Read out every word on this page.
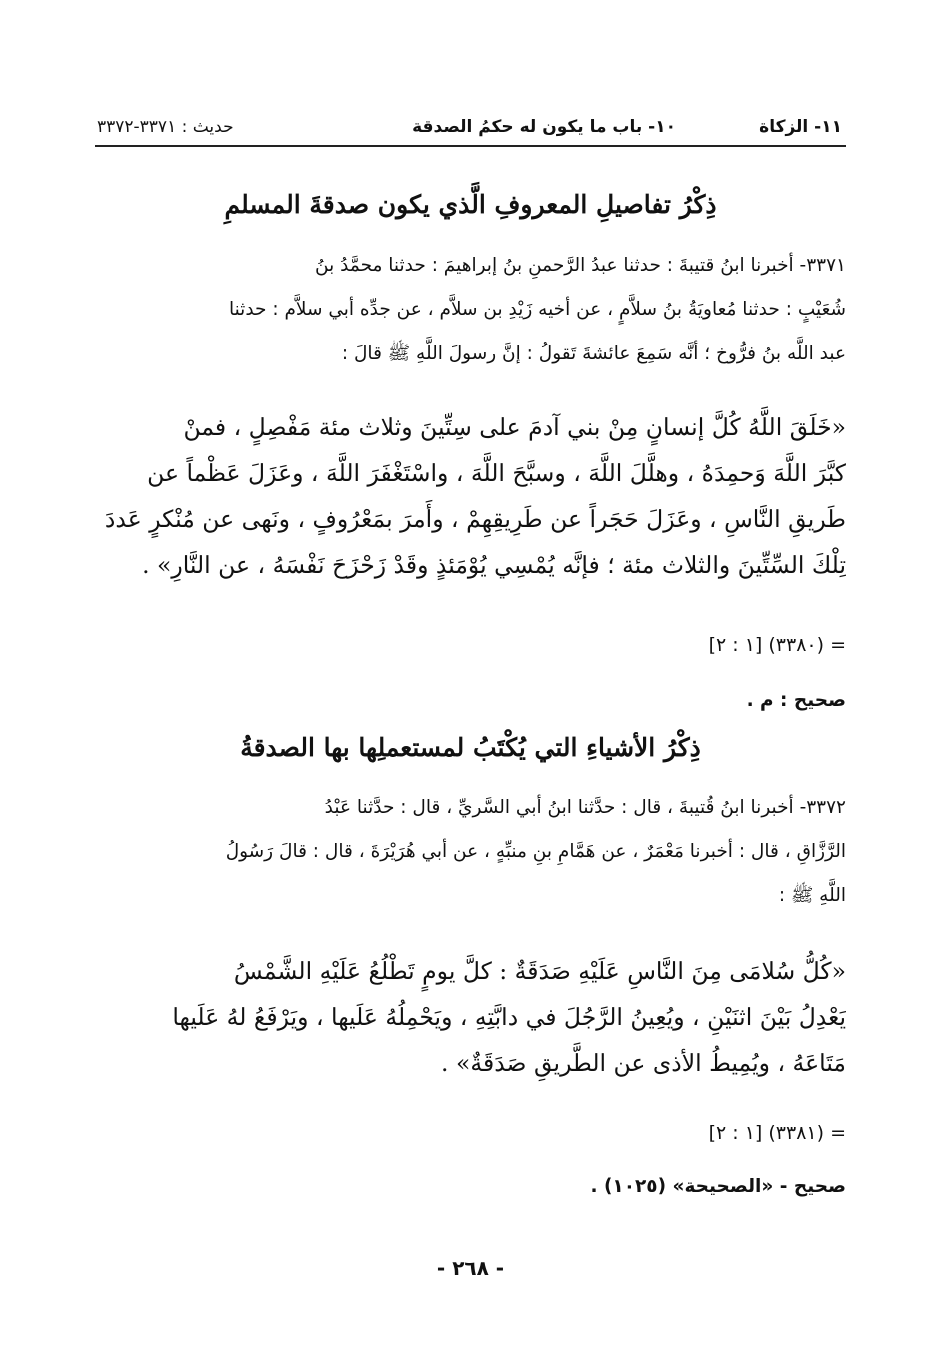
١١- الزكاة
١٠- باب ما يكون له حكمُ الصدقة
حديث : ٣٣٧١-٣٣٧٢
ذِكْرُ تفاصيلِ المعروفِ الَّذي يكون صدقةَ المسلمِ
٣٣٧١- أخبرنا ابنُ قتيبةَ : حدثنا عبدُ الرَّحمنِ بنُ إبراهيمَ : حدثنا محمَّدُ بنُ
شُعَيْبٍ : حدثنا مُعاويَةُ بنُ سلاَّمٍ ، عن أخيه زَيْدِ بن سلاَّم ، عن جدِّه أبي سلاَّم : حدثنا
عبد اللَّه بنُ فرُّوخ ؛ أنَّه سَمِعَ عائشةَ تَقولُ : إنَّ رسولَ اللَّهِ ﷺ قالَ :
«خَلَقَ اللَّهُ كُلَّ إنسانٍ مِنْ بني آدمَ على سِتِّينَ وثلاث مئة مَفْصِلٍ ، فمنْ
كبَّرَ اللَّهَ وَحمِدَهُ ، وهلَّلَ اللَّهَ ، وسبَّحَ اللَّهَ ، واسْتَغْفَرَ اللَّهَ ، وعَزَلَ عَظْماً عن
طَريقِ النَّاسِ ، وعَزَلَ حَجَراً عن طَرِيقِهِمْ ، وأَمرَ بمَعْرُوفٍ ، ونَهى عن مُنْكرٍ عَددَ
تِلْكَ السِّتِّينَ والثلاث مئة ؛ فإنَّه يُمْسِي يُوْمَئذٍ وقَدْ زَحْزَحَ نَفْسَهُ ، عن النَّارِ» .
= (٣٣٨٠) [١ : ٢]
صحيح : م .
ذِكْرُ الأشياءِ التي يُكْتَبُ لمستعملِها بها الصدقةُ
٣٣٧٢- أخبرنا ابنُ قُتيبةَ ، قال : حدَّثنا ابنُ أبي السَّريِّ ، قال : حدَّثنا عَبْدُ
الرَّزَّاقِ ، قال : أخبرنا مَعْمَرٌ ، عن هَمَّامِ بنِ منبِّهٍ ، عن أبي هُرَيْرَةَ ، قال : قالَ رَسُولُ
اللَّهِ ﷺ :
«كُلُّ سُلامَى مِنَ النَّاسِ عَلَيْهِ صَدَقَةٌ : كلَّ يومٍ تَطْلُعُ عَلَيْهِ الشَّمْسُ
يَعْدِلُ بَيْنَ اثنَيْنِ ، ويُعِينُ الرَّجُلَ في دابَّتِهِ ، ويَحْمِلُهُ عَلَيها ، ويَرْفَعُ لهُ عَلَيها
مَتَاعَهُ ، ويُمِيطُ الأذى عن الطَّريقِ صَدَقَةٌ» .
= (٣٣٨١) [١ : ٢]
صحيح - «الصحيحة» (١٠٢٥) .
- ٢٦٨ -
